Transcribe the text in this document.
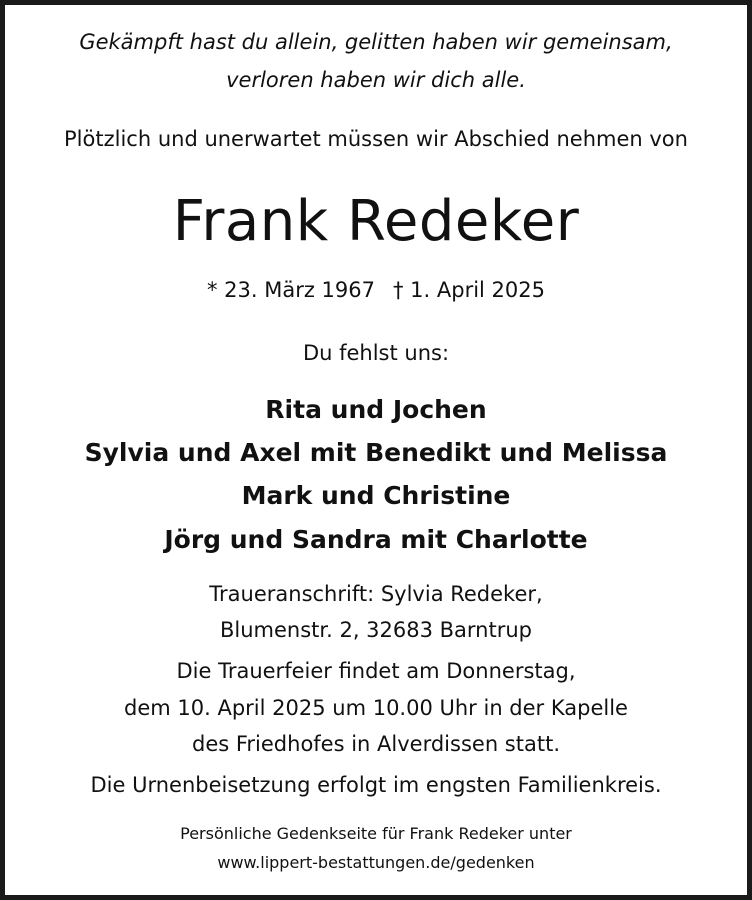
Gekämpft hast du allein, gelitten haben wir gemeinsam,
verloren haben wir dich alle.
Plötzlich und unerwartet müssen wir Abschied nehmen von
Frank Redeker
* 23. März 1967 † 1. April 2025
Du fehlst uns:
Rita und Jochen
Sylvia und Axel mit Benedikt und Melissa
Mark und Christine
Jörg und Sandra mit Charlotte
Traueranschrift: Sylvia Redeker,
Blumenstr. 2, 32683 Barntrup
Die Trauerfeier findet am Donnerstag,
dem 10. April 2025 um 10.00 Uhr in der Kapelle
des Friedhofes in Alverdissen statt.
Die Urnenbeisetzung erfolgt im engsten Familienkreis.
Persönliche Gedenkseite für Frank Redeker unter
www.lippert-bestattungen.de/gedenken
